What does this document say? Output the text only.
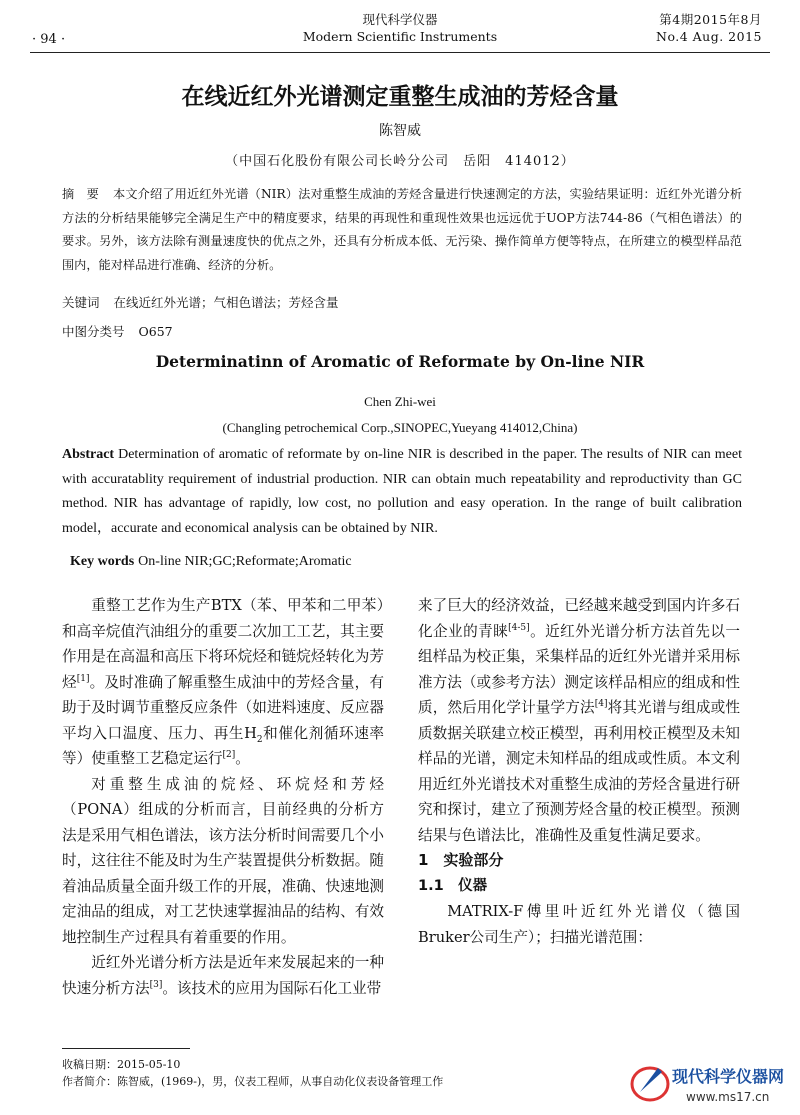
· 94 ·
现代科学仪器
Modern Scientific Instruments
第4期2015年8月
No.4 Aug. 2015
在线近红外光谱测定重整生成油的芳烃含量
陈智威
（中国石化股份有限公司长岭分公司　岳阳　414012）
摘　要 本文介绍了用近红外光谱（NIR）法对重整生成油的芳烃含量进行快速测定的方法，实验结果证明：近红外光谱分析方法的分析结果能够完全满足生产中的精度要求，结果的再现性和重现性效果也远远优于UOP方法744-86（气相色谱法）的要求。另外，该方法除有测量速度快的优点之外，还具有分析成本低、无污染、操作简单方便等特点，在所建立的模型样品范围内，能对样品进行准确、经济的分析。
关键词 在线近红外光谱；气相色谱法；芳烃含量
中图分类号 O657
Determinatinn of Aromatic of Reformate by On-line NIR
Chen Zhi-wei
(Changling petrochemical Corp.,SINOPEC,Yueyang 414012,China)
Abstract Determination of aromatic of reformate by on-line NIR is described in the paper. The results of NIR can meet with accuratablity requirement of industrial production. NIR can obtain much repeatability and reproductivity than GC method. NIR has advantage of rapidly, low cost, no pollution and easy operation. In the range of built calibration model，accurate and economical analysis can be obtained by NIR.
Key words On-line NIR;GC;Reformate;Aromatic

重整工艺作为生产BTX（苯、甲苯和二甲苯）和高辛烷值汽油组分的重要二次加工工艺，其主要作用是在高温和高压下将环烷烃和链烷烃转化为芳烃[1]。及时准确了解重整生成油中的芳烃含量，有助于及时调节重整反应条件（如进料速度、反应器平均入口温度、压力、再生$H_2$和催化剂循环速率等）使重整工艺稳定运行[2]。

对重整生成油的烷烃、环烷烃和芳烃（PONA）组成的分析而言，目前经典的分析方法是采用气相色谱法，该方法分析时间需要几个小时，这往往不能及时为生产装置提供分析数据。随着油品质量全面升级工作的开展，准确、快速地测定油品的组成，对工艺快速掌握油品的结构、有效地控制生产过程具有着重要的作用。

近红外光谱分析方法是近年来发展起来的一种快速分析方法[3]。该技术的应用为国际石化工业带

来了巨大的经济效益，已经越来越受到国内许多石化企业的青睐[4-5]。近红外光谱分析方法首先以一组样品为校正集，采集样品的近红外光谱并采用标准方法（或参考方法）测定该样品相应的组成和性质，然后用化学计量学方法[4]将其光谱与组成或性质数据关联建立校正模型，再利用校正模型及未知样品的光谱，测定未知样品的组成或性质。本文利用近红外光谱技术对重整生成油的芳烃含量进行研究和探讨，建立了预测芳烃含量的校正模型。预测结果与色谱法比，准确性及重复性满足要求。

1　实验部分

1.1　仪器

MATRIX-F傅里叶近红外光谱仪（德国Bruker公司生产）；扫描光谱范围：

收稿日期：2015-05-10
作者简介：陈智威，(1969-)，男，仪表工程师，从事自动化仪表设备管理工作	现代科学仪器网
www.ms17.cn
